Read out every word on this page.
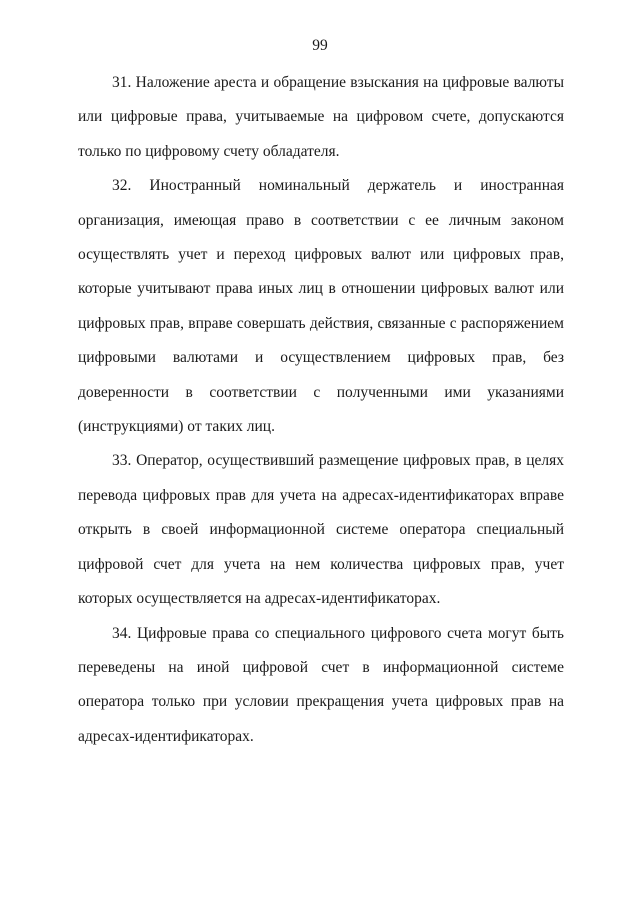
99

31. Наложение ареста и обращение взыскания на цифровые валюты или цифровые права, учитываемые на цифровом счете, допускаются только по цифровому счету обладателя.

32. Иностранный номинальный держатель и иностранная организация, имеющая право в соответствии с ее личным законом осуществлять учет и переход цифровых валют или цифровых прав, которые учитывают права иных лиц в отношении цифровых валют или цифровых прав, вправе совершать действия, связанные с распоряжением цифровыми валютами и осуществлением цифровых прав, без доверенности в соответствии с полученными ими указаниями (инструкциями) от таких лиц.

33. Оператор, осуществивший размещение цифровых прав, в целях перевода цифровых прав для учета на адресах-идентификаторах вправе открыть в своей информационной системе оператора специальный цифровой счет для учета на нем количества цифровых прав, учет которых осуществляется на адресах-идентификаторах.

34. Цифровые права со специального цифрового счета могут быть переведены на иной цифровой счет в информационной системе оператора только при условии прекращения учета цифровых прав на адресах-идентификаторах.
